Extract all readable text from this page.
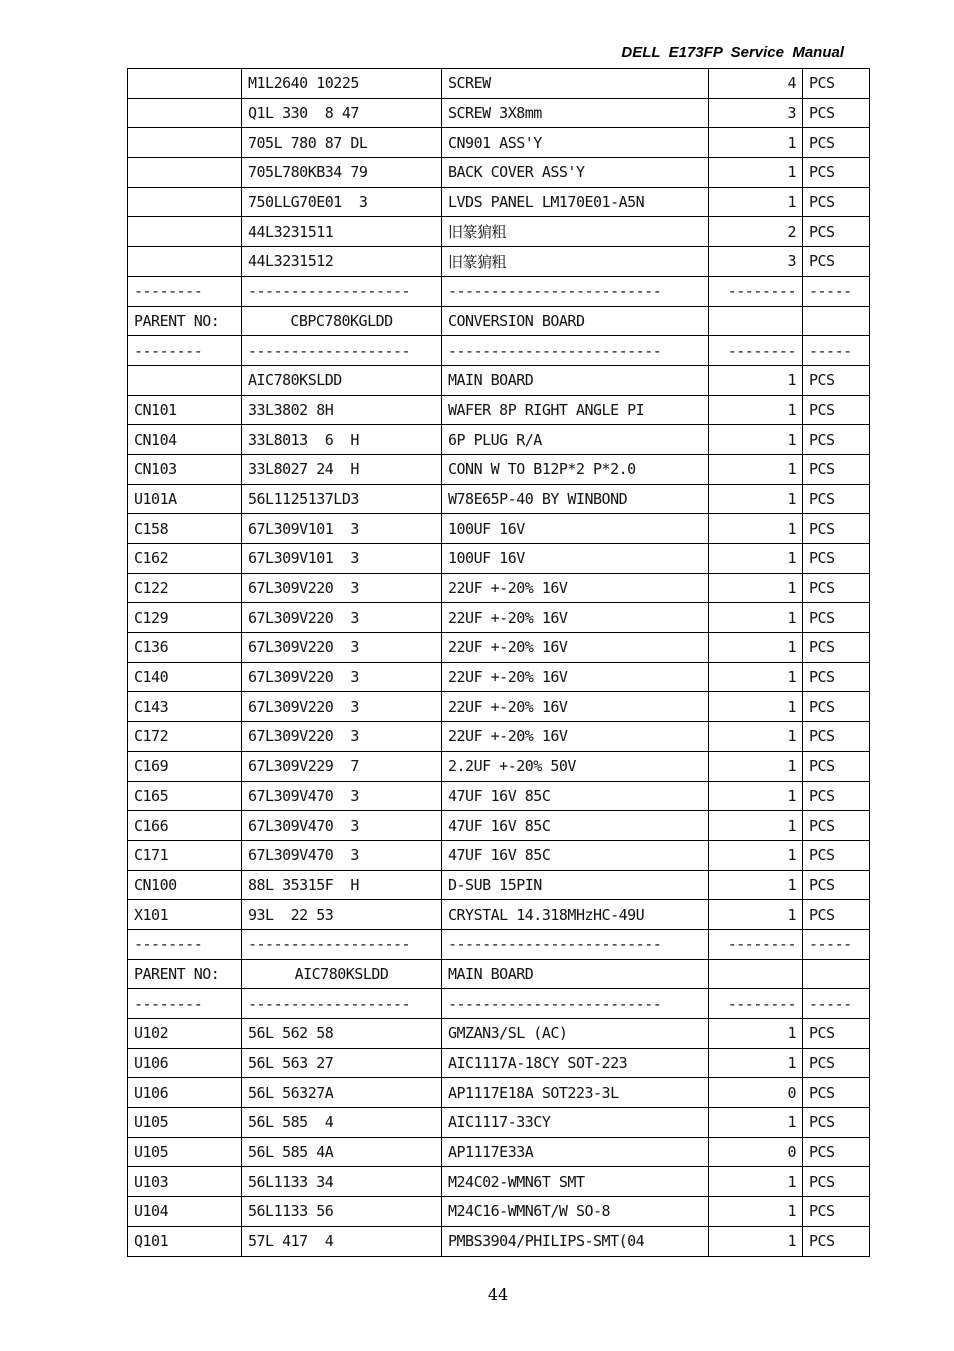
DELL  E173FP  Service  Manual
	M1L2640 10225	SCREW	4	PCS
	Q1L 330  8 47	SCREW 3X8mm	3	PCS
	705L 780 87 DL	CN901 ASS'Y	1	PCS
	705L780KB34 79	BACK COVER ASS'Y	1	PCS
	750LLG70E01  3	LVDS PANEL LM170E01-A5N	1	PCS
	44L3231511	旧篆猏粗	2	PCS
	44L3231512	旧篆猏粗	3	PCS
--------	-------------------	-------------------------	--------	-----
PARENT NO:	CBPC780KGLDD	CONVERSION BOARD		
--------	-------------------	-------------------------	--------	-----
	AIC780KSLDD	MAIN BOARD	1	PCS
CN101	33L3802 8H	WAFER 8P RIGHT ANGLE PI	1	PCS
CN104	33L8013  6  H	6P PLUG R/A	1	PCS
CN103	33L8027 24  H	CONN W TO B12P*2 P*2.0	1	PCS
U101A	56L1125137LD3	W78E65P-40 BY WINBOND	1	PCS
C158	67L309V101  3	100UF 16V	1	PCS
C162	67L309V101  3	100UF 16V	1	PCS
C122	67L309V220  3	22UF +-20% 16V	1	PCS
C129	67L309V220  3	22UF +-20% 16V	1	PCS
C136	67L309V220  3	22UF +-20% 16V	1	PCS
C140	67L309V220  3	22UF +-20% 16V	1	PCS
C143	67L309V220  3	22UF +-20% 16V	1	PCS
C172	67L309V220  3	22UF +-20% 16V	1	PCS
C169	67L309V229  7	2.2UF +-20% 50V	1	PCS
C165	67L309V470  3	47UF 16V 85C	1	PCS
C166	67L309V470  3	47UF 16V 85C	1	PCS
C171	67L309V470  3	47UF 16V 85C	1	PCS
CN100	88L 35315F  H	D-SUB 15PIN	1	PCS
X101	93L  22 53	CRYSTAL 14.318MHzHC-49U	1	PCS
--------	-------------------	-------------------------	--------	-----
PARENT NO:	AIC780KSLDD	MAIN BOARD		
--------	-------------------	-------------------------	--------	-----
U102	56L 562 58	GMZAN3/SL (AC)	1	PCS
U106	56L 563 27	AIC1117A-18CY SOT-223	1	PCS
U106	56L 56327A	AP1117E18A SOT223-3L	0	PCS
U105	56L 585  4	AIC1117-33CY	1	PCS
U105	56L 585 4A	AP1117E33A	0	PCS
U103	56L1133 34	M24C02-WMN6T SMT	1	PCS
U104	56L1133 56	M24C16-WMN6T/W SO-8	1	PCS
Q101	57L 417  4	PMBS3904/PHILIPS-SMT(04	1	PCS
44
